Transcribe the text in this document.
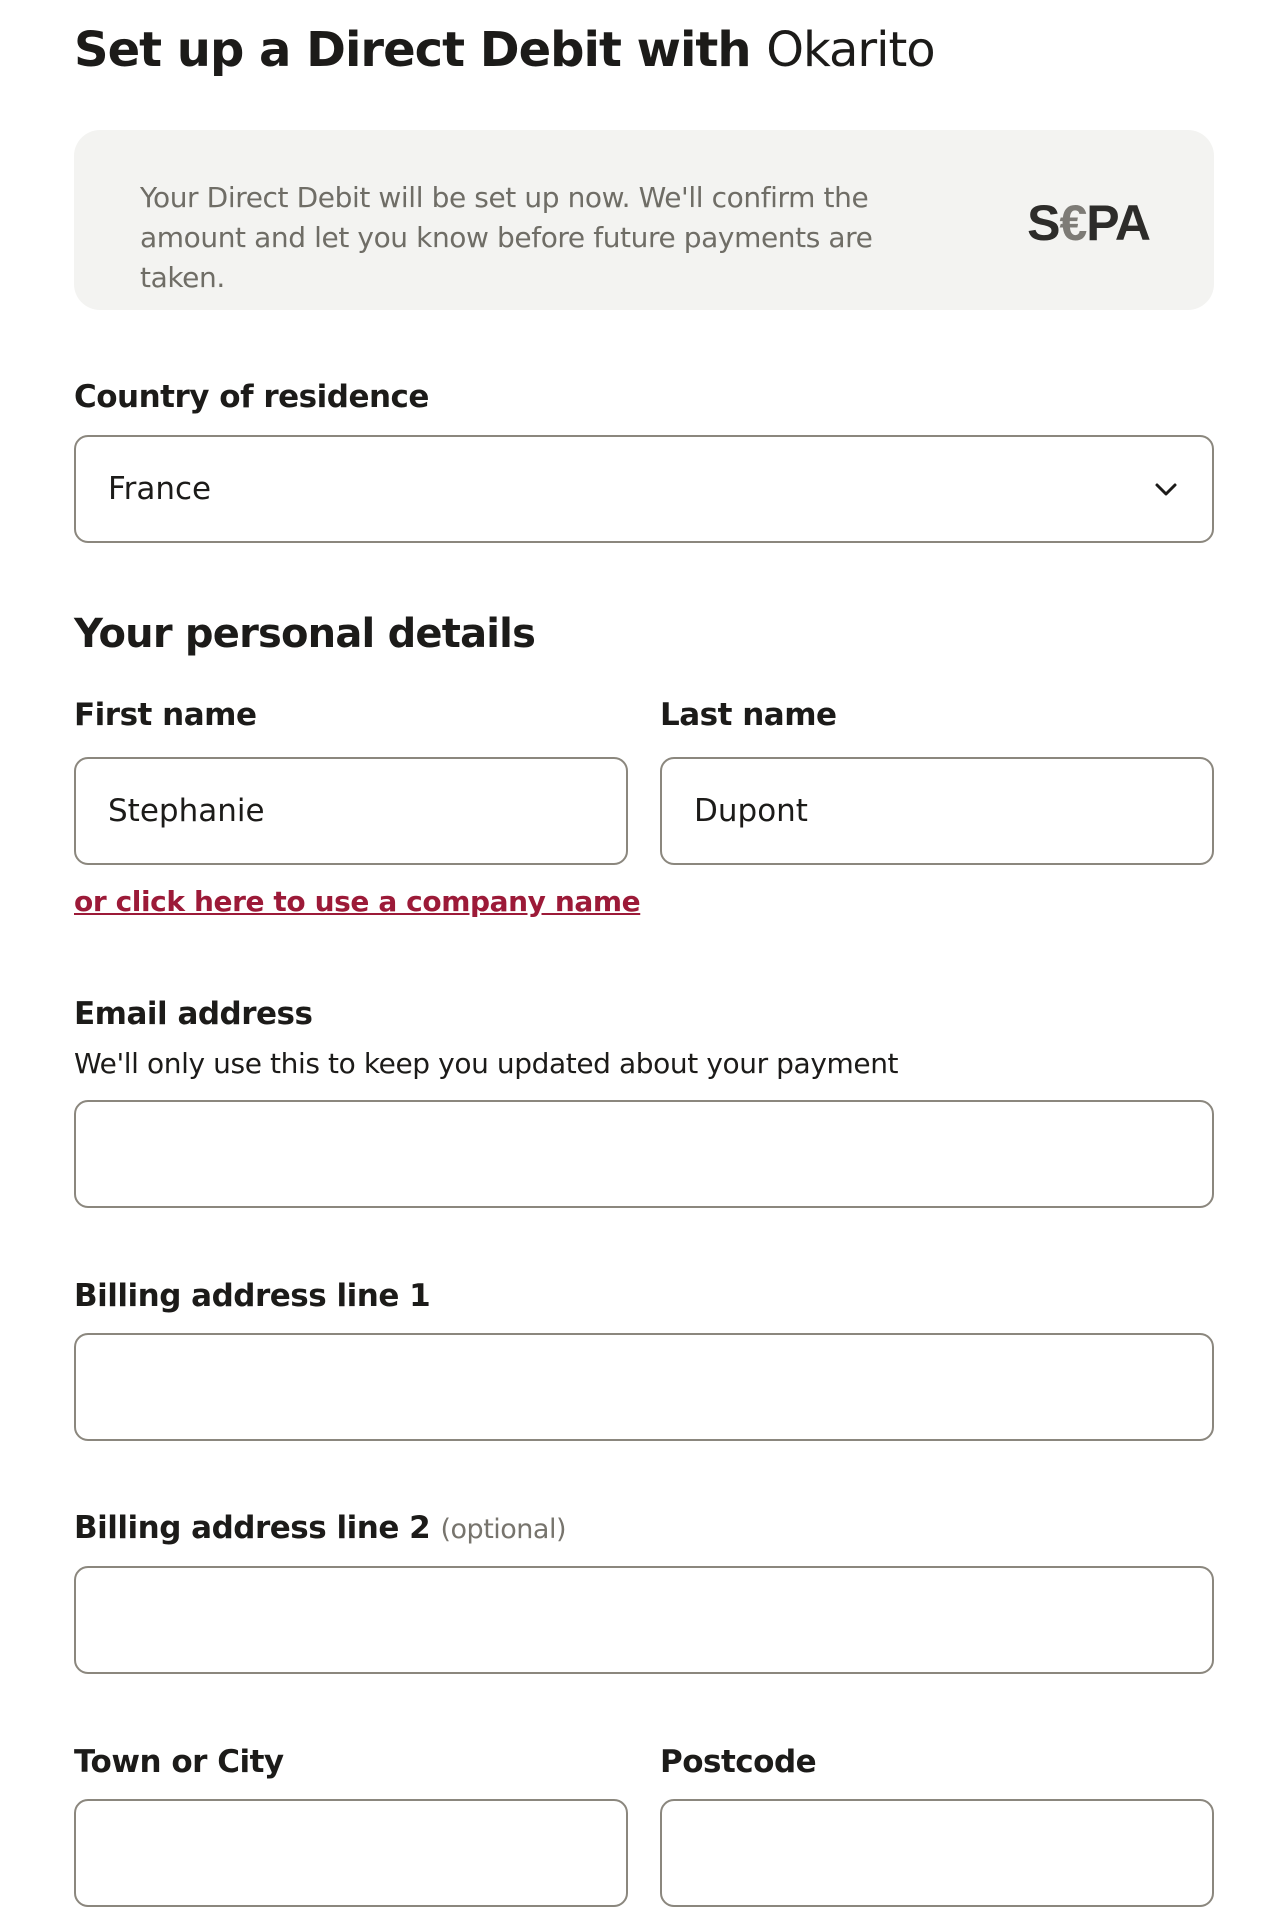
Set up a Direct Debit with Okarito
Your Direct Debit will be set up now. We'll confirm the amount and let you know before future payments are taken.
S€PA
Country of residence
France
Your personal details
First name	Last name
Stephanie
Dupont
or click here to use a company name
Email address
We'll only use this to keep you updated about your payment
Billing address line 1
Billing address line 2 (optional)
Town or City	Postcode
